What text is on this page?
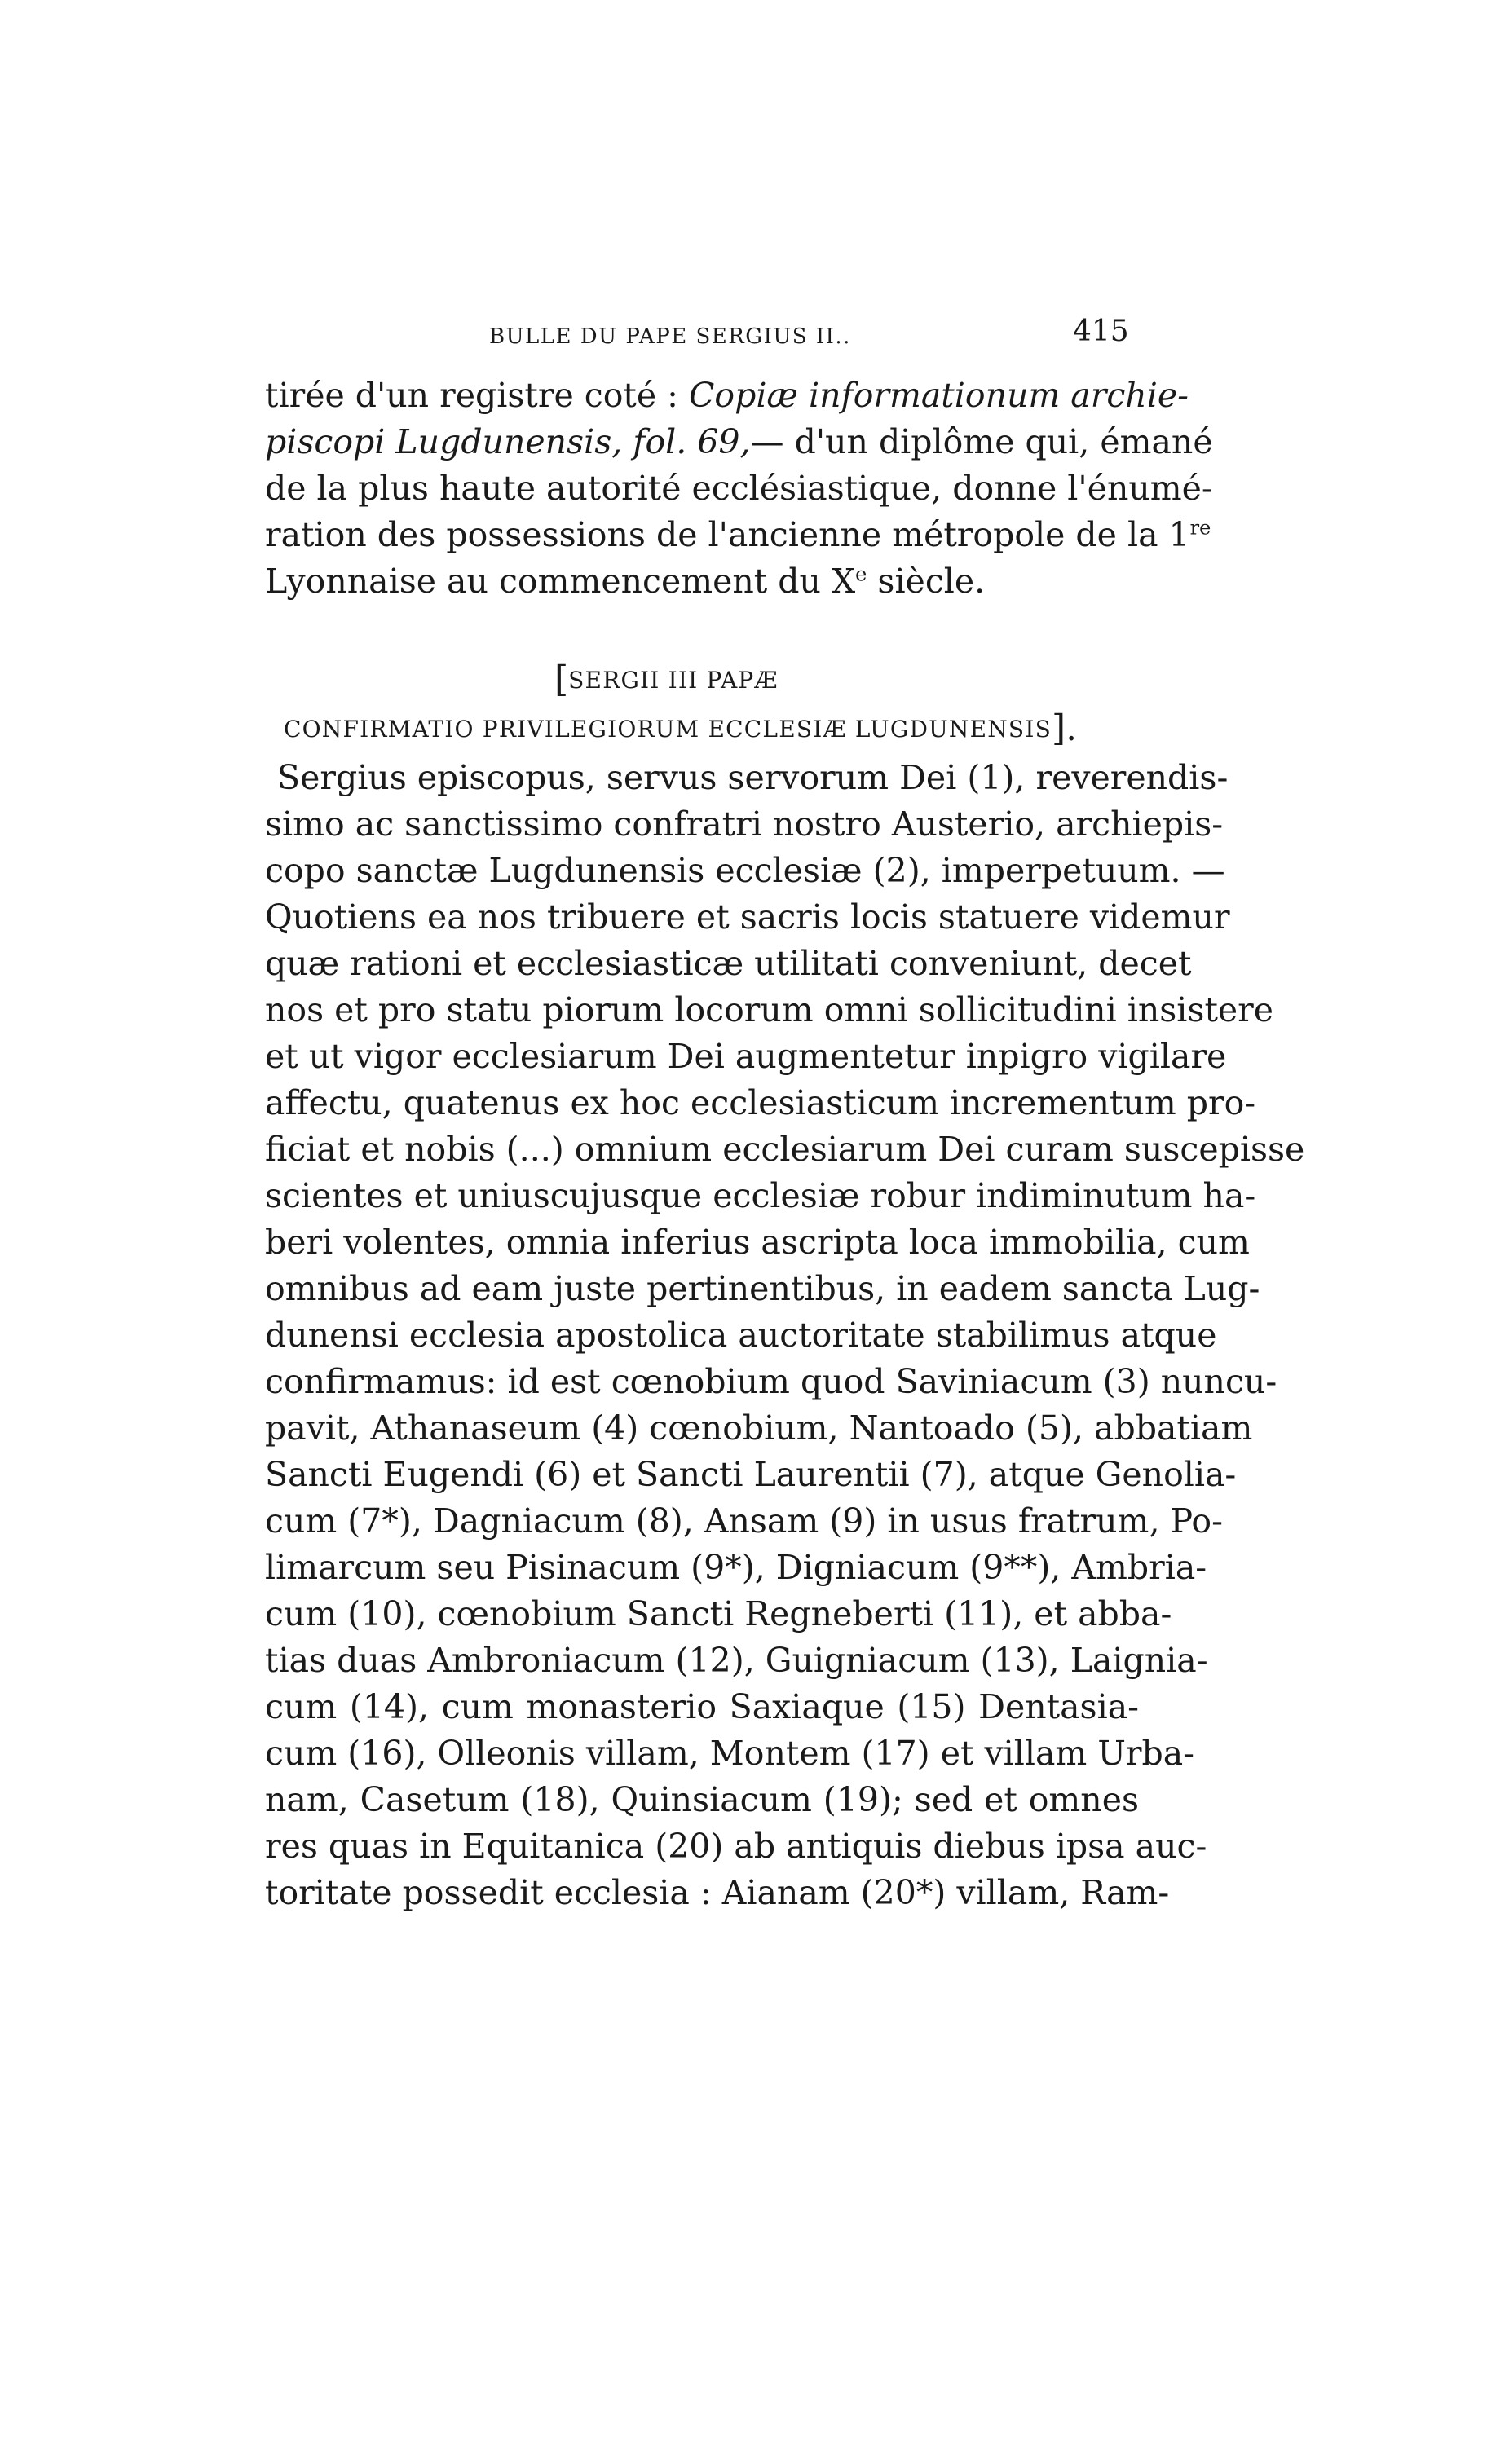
BULLE DU PAPE SERGIUS II..	415
tirée d'un registre coté : Copiæ informationum archie-
piscopi Lugdunensis, fol. 69,— d'un diplôme qui, émané
de la plus haute autorité ecclésiastique, donne l'énumé-
ration des possessions de l'ancienne métropole de la 1re
Lyonnaise au commencement du Xe siècle.
[SERGII III PAPÆ
CONFIRMATIO PRIVILEGIORUM ECCLESIÆ LUGDUNENSIS].
Sergius episcopus, servus servorum Dei (1), reverendis-
simo ac sanctissimo confratri nostro Austerio, archiepis-
copo sanctæ Lugdunensis ecclesiæ (2), imperpetuum. —
Quotiens ea nos tribuere et sacris locis statuere videmur
quæ rationi et ecclesiasticæ utilitati conveniunt, decet
nos et pro statu piorum locorum omni sollicitudini insistere
et ut vigor ecclesiarum Dei augmentetur inpigro vigilare
affectu, quatenus ex hoc ecclesiasticum incrementum pro-
ficiat et nobis (...) omnium ecclesiarum Dei curam suscepisse
scientes et uniuscujusque ecclesiæ robur indiminutum ha-
beri volentes, omnia inferius ascripta loca immobilia, cum
omnibus ad eam juste pertinentibus, in eadem sancta Lug-
dunensi ecclesia apostolica auctoritate stabilimus atque
confirmamus: id est cœnobium quod Saviniacum (3) nuncu-
pavit, Athanaseum (4) cœnobium, Nantoado (5), abbatiam
Sancti Eugendi (6) et Sancti Laurentii (7), atque Genolia-
cum (7*), Dagniacum (8), Ansam (9) in usus fratrum, Po-
limarcum seu Pisinacum (9*), Digniacum (9**), Ambria-
cum (10), cœnobium Sancti Regneberti (11), et abba-
tias duas Ambroniacum (12), Guigniacum (13), Laignia-
cum (14), cum monasterio Saxiaque (15) Dentasia-
cum (16), Olleonis villam, Montem (17) et villam Urba-
nam, Casetum (18), Quinsiacum (19); sed et omnes
res quas in Equitanica (20) ab antiquis diebus ipsa auc-
toritate possedit ecclesia : Aianam (20*) villam, Ram-
